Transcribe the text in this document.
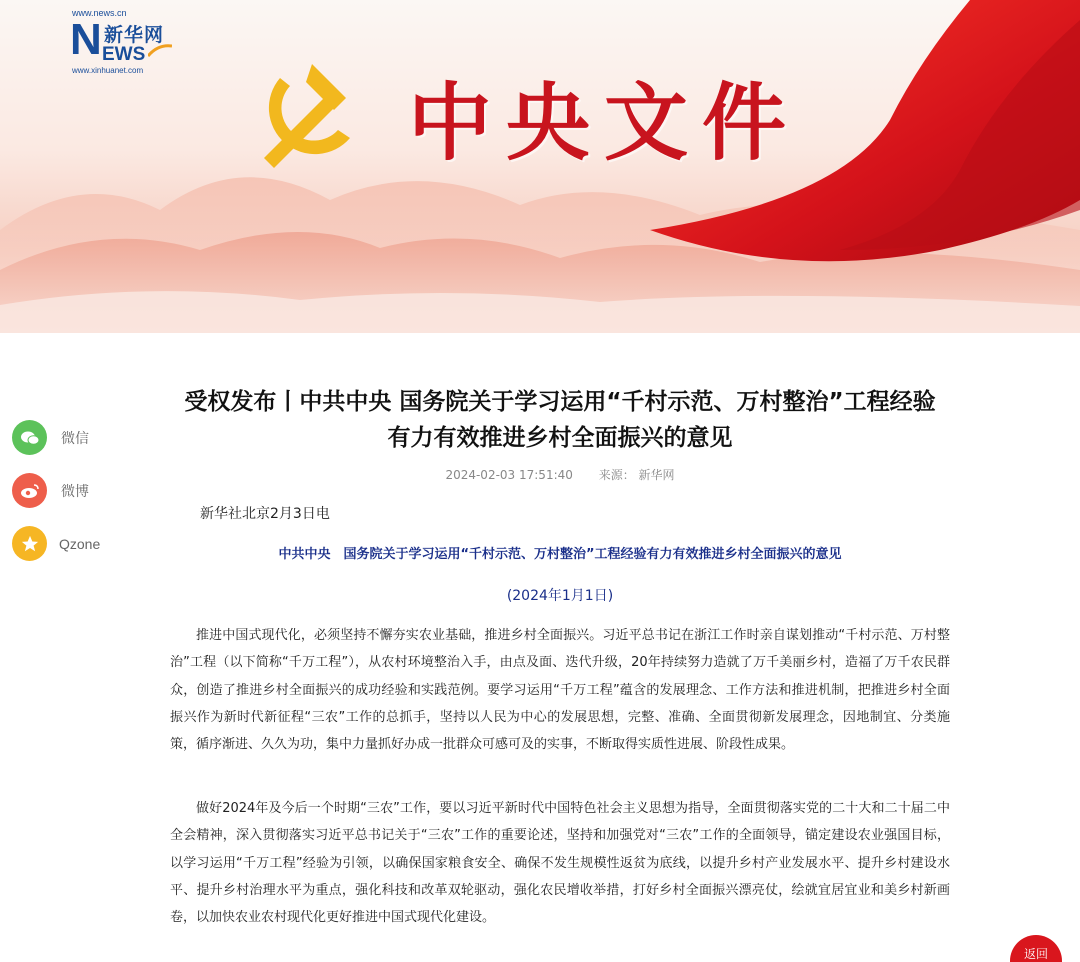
www.news.cn
N 新华网
EWS
www.xinhuanet.com
中央文件
微信
微博
Qzone
受权发布丨中共中央 国务院关于学习运用“千村示范、万村整治”工程经验
有力有效推进乡村全面振兴的意见
2024-02-03 17:51:40 来源： 新华网
新华社北京2月3日电
中共中央　国务院关于学习运用“千村示范、万村整治”工程经验有力有效推进乡村全面振兴的意见
(2024年1月1日)

推进中国式现代化，必须坚持不懈夯实农业基础，推进乡村全面振兴。习近平总书记在浙江工作时亲自谋划推动“千村示范、万村整治”工程（以下简称“千万工程”），从农村环境整治入手，由点及面、迭代升级，20年持续努力造就了万千美丽乡村，造福了万千农民群众，创造了推进乡村全面振兴的成功经验和实践范例。要学习运用“千万工程”蕴含的发展理念、工作方法和推进机制，把推进乡村全面振兴作为新时代新征程“三农”工作的总抓手，坚持以人民为中心的发展思想，完整、准确、全面贯彻新发展理念，因地制宜、分类施策，循序渐进、久久为功，集中力量抓好办成一批群众可感可及的实事，不断取得实质性进展、阶段性成果。

做好2024年及今后一个时期“三农”工作，要以习近平新时代中国特色社会主义思想为指导，全面贯彻落实党的二十大和二十届二中全会精神，深入贯彻落实习近平总书记关于“三农”工作的重要论述，坚持和加强党对“三农”工作的全面领导，锚定建设农业强国目标，以学习运用“千万工程”经验为引领，以确保国家粮食安全、确保不发生规模性返贫为底线，以提升乡村产业发展水平、提升乡村建设水平、提升乡村治理水平为重点，强化科技和改革双轮驱动，强化农民增收举措，打好乡村全面振兴漂亮仗，绘就宜居宜业和美乡村新画卷，以加快农业农村现代化更好推进中国式现代化建设。

返回
